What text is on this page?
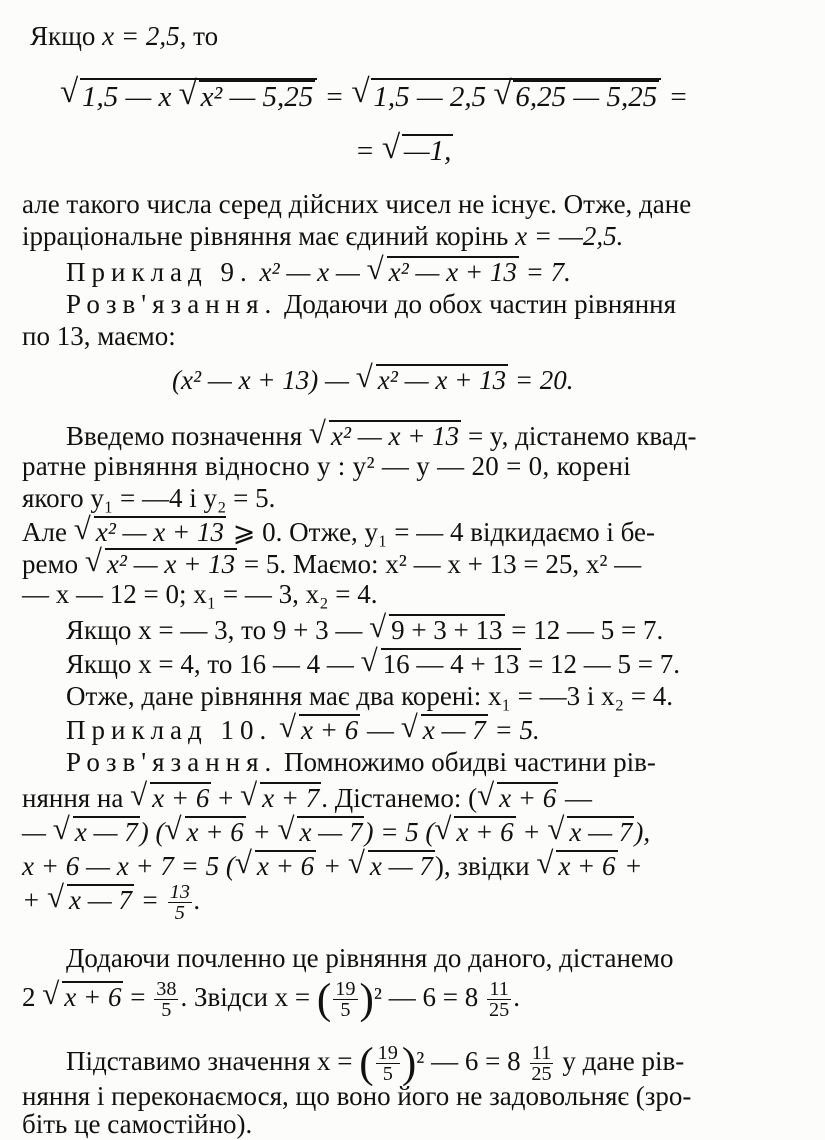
Якщо x = 2,5, то
√ 1,5 — x √ x² — 5,25 = √ 1,5 — 2,5 √ 6,25 — 5,25 =
= √ —1,
але такого числа серед дійсних чисел не існує. Отже, дане
ірраціональне рівняння має єдиний корінь x = —2,5.
Приклад 9. x² — x — √ x² — x + 13 = 7.
Розв'язання. Додаючи до обох частин рівняння
по 13, маємо:
(x² — x + 13) — √ x² — x + 13 = 20.
Введемо позначення √ x² — x + 13 = y, дістанемо квад-
ратне рівняння відносно y : y² — y — 20 = 0, корені
якого y₁ = —4 і y₂ = 5.
Але √ x² — x + 13 ⩾ 0. Отже, y₁ = — 4 відкидаємо і бе-
ремо √ x² — x + 13 = 5. Маємо: x² — x + 13 = 25, x² —
— x — 12 = 0; x₁ = — 3, x₂ = 4.
Якщо x = — 3, то 9 + 3 — √ 9 + 3 + 13 = 12 — 5 = 7.
Якщо x = 4, то 16 — 4 — √ 16 — 4 + 13 = 12 — 5 = 7.
Отже, дане рівняння має два корені: x₁ = —3 і x₂ = 4.
Приклад 10. √ x + 6 — √ x — 7 = 5.
Розв'язання. Помножимо обидві частини рів-
няння на √ x + 6 + √ x + 7. Дістанемо: ( √ x + 6 —
— √ x — 7) ( √ x + 6 + √ x — 7) = 5 ( √ x + 6 + √ x — 7),
x + 6 — x + 7 = 5 ( √ x + 6 + √ x — 7), звідки √ x + 6 +
+ √ x — $7 = \frac{13}{5}$ .
Додаючи почленно це рівняння до даного, дістанемо
2 √ $x + 6 = \frac{38}{5}$ . Звідси x = ( $\frac{19}{5} )^2$ — $6 = 8 \frac{11}{25}$ .
Підставимо значення x = ( $\frac{19}{5} )^2$ — $6 = 8 \frac{11}{25}$ у дане рів-
няння і переконаємося, що воно його не задовольняє (зро-
біть це самостійно).
